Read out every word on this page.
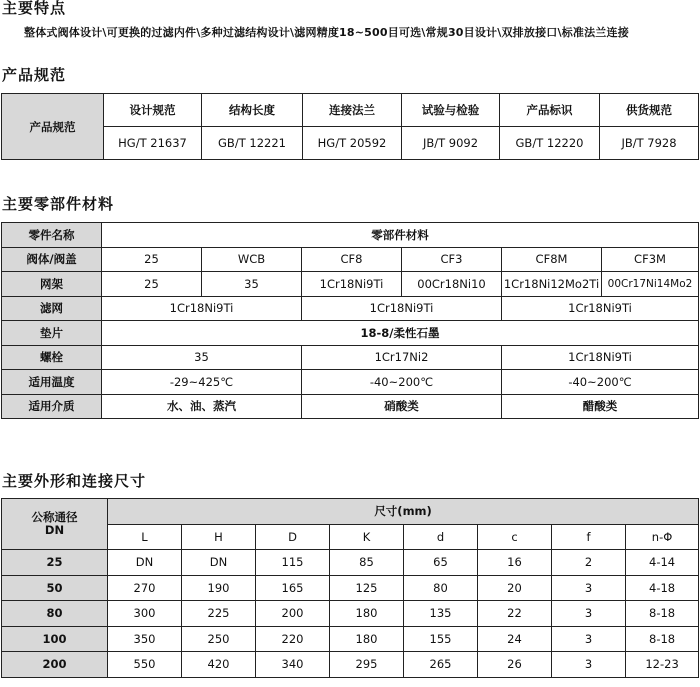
主要特点
整体式阀体设计\可更换的过滤内件\多种过滤结构设计\滤网精度18~500目可选\常规30目设计\双排放接口\标准法兰连接
产品规范
产品规范	设计规范	结构长度	连接法兰	试验与检验	产品标识	供货规范
	HG/T 21637	GB/T 12221	HG/T 20592	JB/T 9092	GB/T 12220	JB/T 7928
主要零部件材料
零件名称	零部件材料					
阀体/阀盖	25	WCB	CF8	CF3	CF8M	CF3M
网架	25	35	1Cr18Ni9Ti	00Cr18Ni10	1Cr18Ni12Mo2Ti	00Cr17Ni14Mo2
滤网	1Cr18Ni9Ti		1Cr18Ni9Ti		1Cr18Ni9Ti	
垫片	18-8/柔性石墨					
螺栓	35		1Cr17Ni2		1Cr18Ni9Ti	
适用温度	-29~425℃		-40~200℃		-40~200℃	
适用介质	水、油、蒸汽		硝酸类		醋酸类	
主要外形和连接尺寸
公称通径
DN	尺寸(mm)							
	L	H	D	K	d	c	f	n-Φ
25	DN	DN	115	85	65	16	2	4-14
50	270	190	165	125	80	20	3	4-18
80	300	225	200	180	135	22	3	8-18
100	350	250	220	180	155	24	3	8-18
200	550	420	340	295	265	26	3	12-23
